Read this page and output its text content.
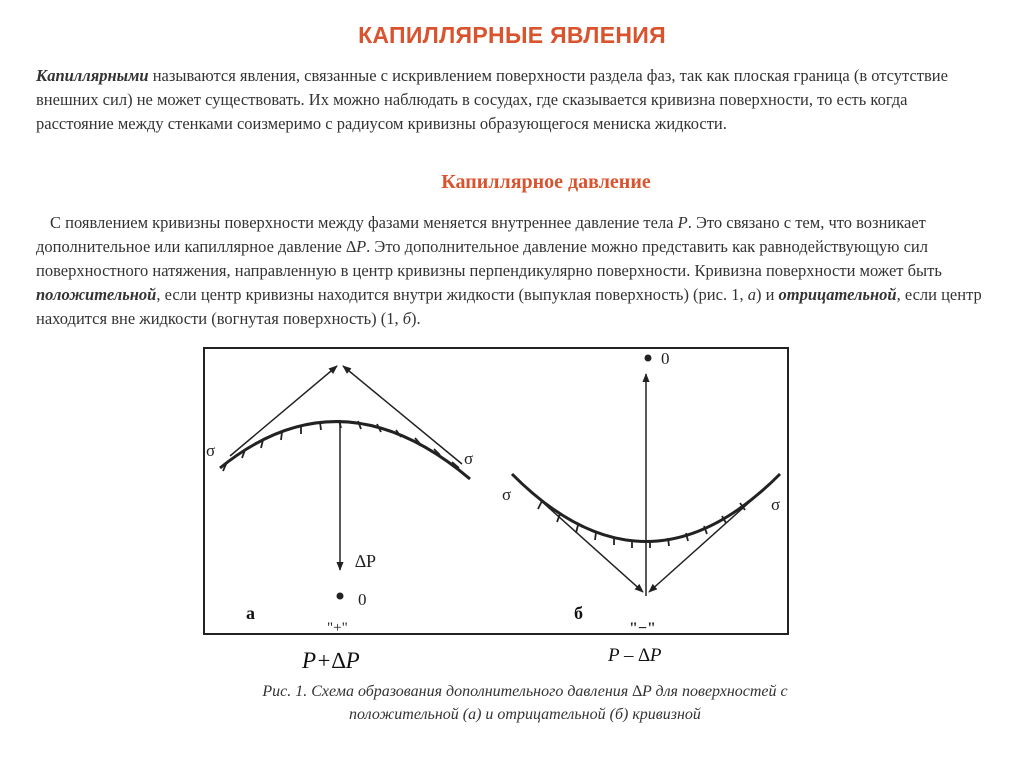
КАПИЛЛЯРНЫЕ ЯВЛЕНИЯ

Капиллярными называются явления, связанные с искривлением поверхности раздела фаз, так как плоская граница (в отсутствие внешних сил) не может существовать. Их можно наблюдать в сосудах, где сказывается кривизна поверхности, то есть когда расстояние между стенками соизмеримо с радиусом кривизны образующегося мениска жидкости.

Капиллярное давление

С появлением кривизны поверхности между фазами меняется внутреннее давление тела P. Это связано с тем, что возникает дополнительное или капиллярное давление ∆P. Это дополнительное давление можно представить как равнодействующую сил поверхностного натяжения, направленную в центр кривизны перпендикулярно поверхности. Кривизна поверхности может быть положительной, если центр кривизны находится внутри жидкости (выпуклая поверхность) (рис. 1, а) и отрицательной, если центр находится вне жидкости (вогнутая поверхность) (1, б).

σ	σ
∆P
0
а
"+"
0
σ
σ
б
"−"
P+∆P	P – ∆P
Рис. 1. Схема образования дополнительного давления ∆P для поверхностей с
положительной (а) и отрицательной (б) кривизной
